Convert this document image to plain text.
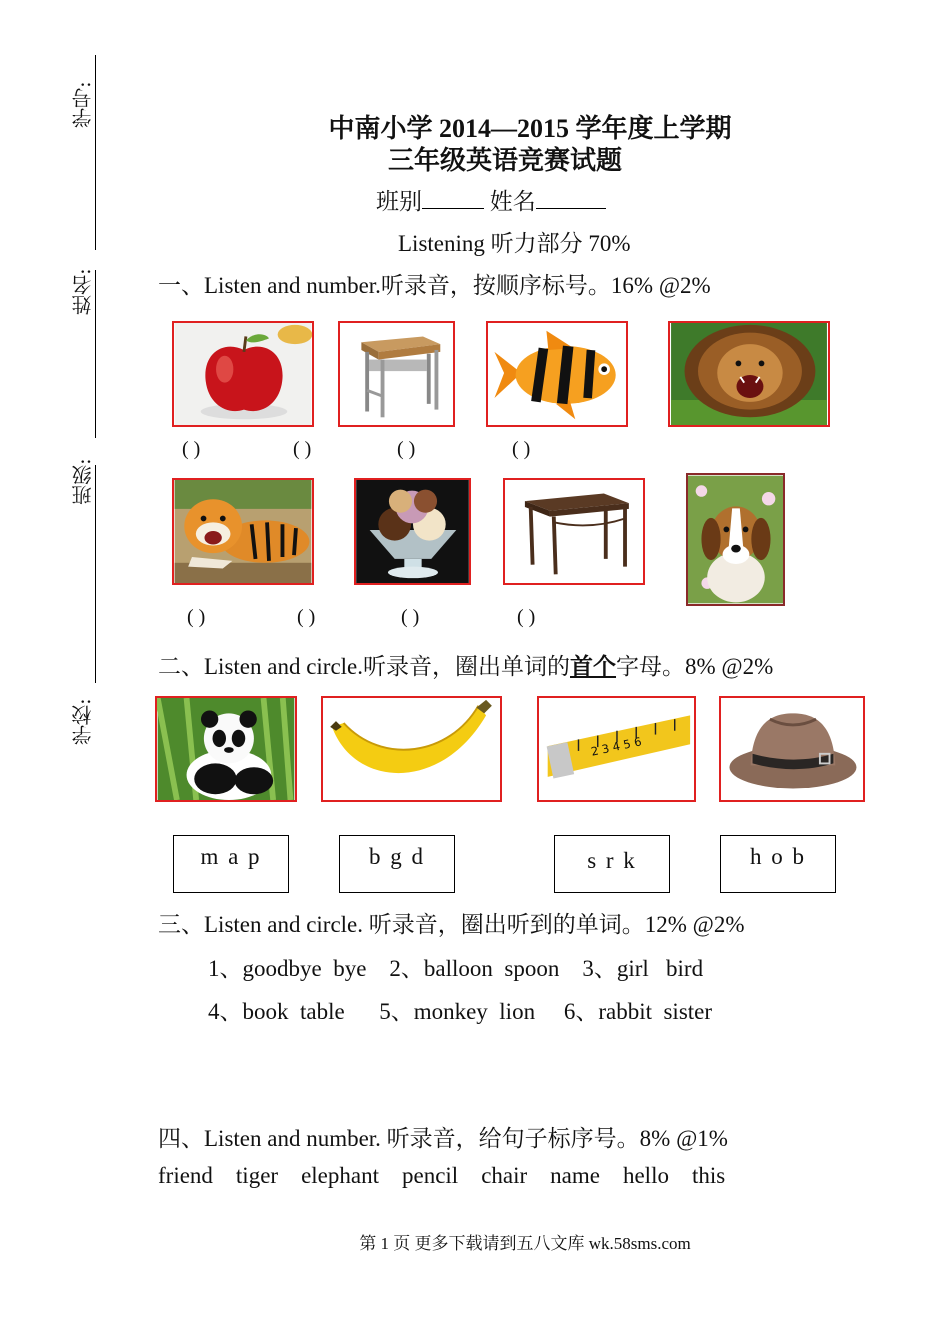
学号:
姓名:
班级:
学校:
中南小学 2014—2015 学年度上学期
三年级英语竞赛试题
班别	姓名
Listening 听力部分 70%
一、Listen and number.听录音，按顺序标号。16% @2%
( )	( )	( )	( )
( )	( )	( )	( )
二、Listen and circle.听录音，圈出单词的首个字母。8% @2%
2 3 4 5 6
m a p	b g d	s r k	h o b
三、Listen and circle. 听录音，圈出听到的单词。12% @2%
1、goodbye  bye    2、balloon  spoon    3、girl   bird
4、book  table      5、monkey  lion     6、rabbit  sister
四、Listen and number. 听录音，给句子标序号。8% @1%
friend tiger elephant pencil chair name hello this
第 1 页 更多下载请到五八文库 wk.58sms.com
